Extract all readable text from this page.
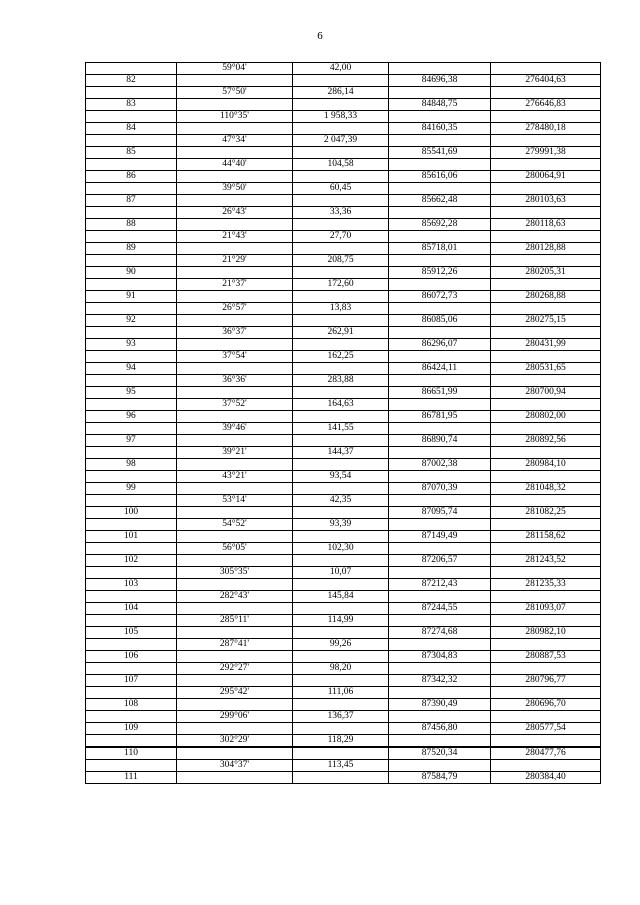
6
	59°04'	42,00		
82			84696,38	276404,63
	57°50'	286,14		
83			84848,75	276646,83
	110°35'	1 958,33		
84			84160,35	278480,18
	47°34'	2 047,39		
85			85541,69	279991,38
	44°40'	104,58		
86			85616,06	280064,91
	39°50'	60,45		
87			85662,48	280103,63
	26°43'	33,36		
88			85692,28	280118,63
	21°43'	27,70		
89			85718,01	280128,88
	21°29'	208,75		
90			85912,26	280205,31
	21°37'	172,60		
91			86072,73	280268,88
	26°57'	13,83		
92			86085,06	280275,15
	36°37'	262,91		
93			86296,07	280431,99
	37°54'	162,25		
94			86424,11	280531,65
	36°36'	283,88		
95			86651,99	280700,94
	37°52'	164,63		
96			86781,95	280802,00
	39°46'	141,55		
97			86890,74	280892,56
	39°21'	144,37		
98			87002,38	280984,10
	43°21'	93,54		
99			87070,39	281048,32
	53°14'	42,35		
100			87095,74	281082,25
	54°52'	93,39		
101			87149,49	281158,62
	56°05'	102,30		
102			87206,57	281243,52
	305°35'	10,07		
103			87212,43	281235,33
	282°43'	145,84		
104			87244,55	281093,07
	285°11'	114,99		
105			87274,68	280982,10
	287°41'	99,26		
106			87304,83	280887,53
	292°27'	98,20		
107			87342,32	280796,77
	295°42'	111,06		
108			87390,49	280696,70
	299°06'	136,37		
109			87456,80	280577,54
	302°29'	118,29		
110			87520,34	280477,76
	304°37'	113,45		
111			87584,79	280384,40
